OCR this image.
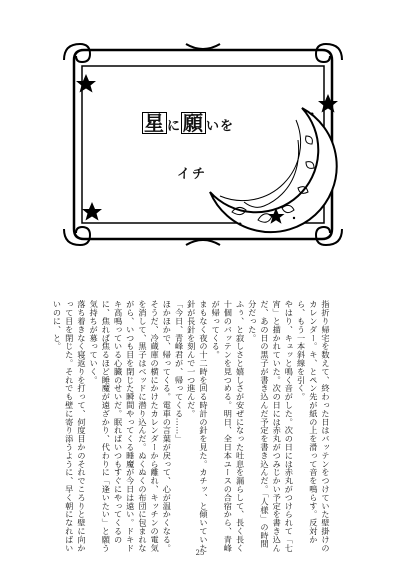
星 に 願 いを
イチ

指折り帰宅を数えて、終わった日はバッテンをつけていた壁掛けのカレンダー。キ、とペン先が紙の上を滑って音を鳴らす。反対から、もう一本斜線を引く。

やはり、キュッと鳴く音がした。次の日には赤丸がつけられて「七宵」と描かれていた。次の日には赤丸がつみじかい予定を書き込んだ、あの日の黒子が書き込んだ予定を書き込んだ。「人様」の時間分だった。

ふぅ、と寂しさと嬉しさが安ぜになった吐息を漏らして、長く長く十個のバッテンを見つめる。明日、全日本ユースの合宿から、青峰が帰ってくる。

まもなく夜の十二時を回る時計の針を見た。カチッ、と傾いていた針が長針を刻んで一つ進んだ。

「今日、青峰君が、帰ってくる……」

ほかほかで、帰ってくる。電車の言葉が戻って、心が温かくなる。

そうだ、冷蔵庫の横にかけたカレンダーから離れ、キッチンの電気を消して、黒子はベッドに潜り込んだ。ぬくぬくの布団に包まれながら、いつも目を閉じた瞬間やってくる睡魔が今日は遠い。ドキドキ高鳴っている心臓のせいだ。眠ればいつもすぐにやってくるのに、焦れば焦るほど睡魔が遠ざかり、代わりに「逢いたい」と願う気持ちが募っていく。

落ち着きなく寝返りを打って、何度目かのそれでころりと壁に向かって目を閉じた。それでも壁に寄り添うように、早く朝になればいいのに、と。

25
